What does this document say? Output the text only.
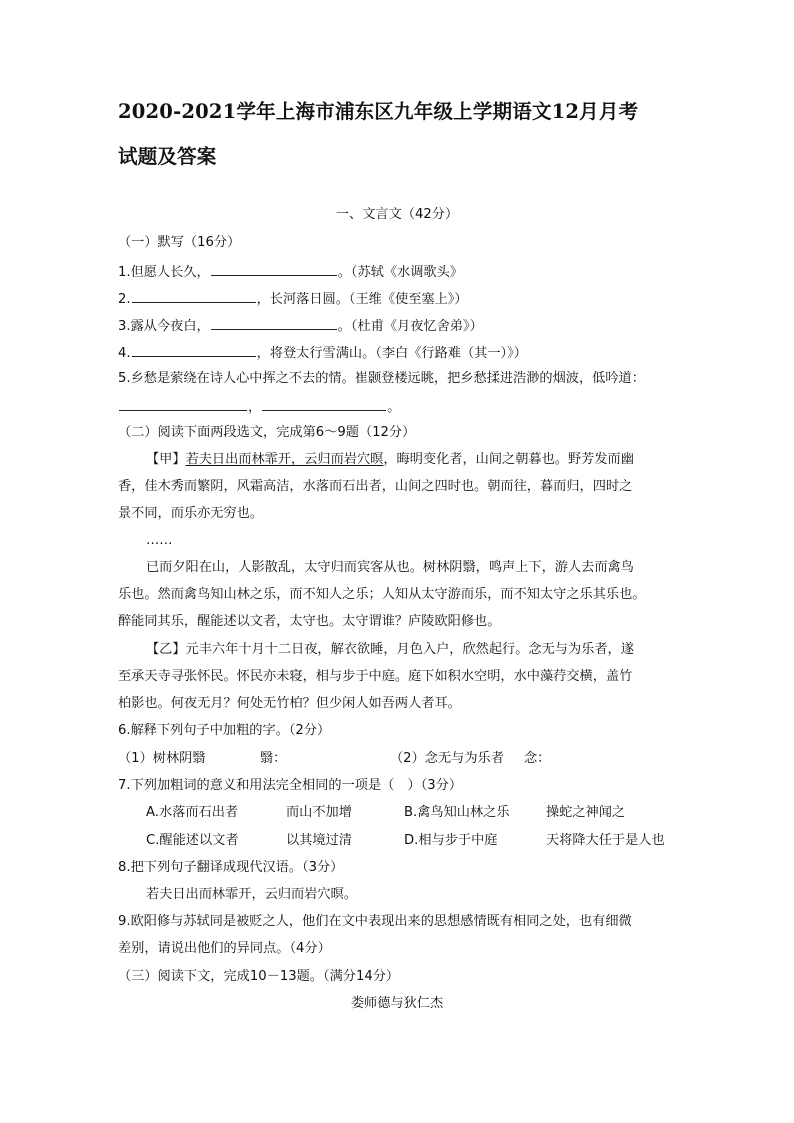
2020-2021学年上海市浦东区九年级上学期语文12月月考
试题及答案
一、文言文（42分）
（一）默写（16分）
1.但愿人长久，	。（苏轼《水调歌头》
2.	，长河落日圆。（王维《使至塞上》）
3.露从今夜白，	。（杜甫《月夜忆舍弟》）
4.	，将登太行雪满山。（李白《行路难（其一）》）
5.乡愁是萦绕在诗人心中挥之不去的情。崔颢登楼远眺，把乡愁揉进浩渺的烟波，低吟道：
，	。
（二）阅读下面两段选文，完成第6～9题（12分）
【甲】若夫日出而林霏开，云归而岩穴暝，晦明变化者，山间之朝暮也。野芳发而幽
香，佳木秀而繁阴，风霜高洁，水落而石出者，山间之四时也。朝而往，暮而归，四时之
景不同，而乐亦无穷也。
……
已而夕阳在山，人影散乱，太守归而宾客从也。树林阴翳，鸣声上下，游人去而禽鸟
乐也。然而禽鸟知山林之乐，而不知人之乐；人知从太守游而乐，而不知太守之乐其乐也。
醉能同其乐，醒能述以文者，太守也。太守谓谁？庐陵欧阳修也。
【乙】元丰六年十月十二日夜，解衣欲睡，月色入户，欣然起行。念无与为乐者，遂
至承天寺寻张怀民。怀民亦未寝，相与步于中庭。庭下如积水空明，水中藻荇交横，盖竹
柏影也。何夜无月？何处无竹柏？但少闲人如吾两人者耳。
6.解释下列句子中加粗的字。（2分）
（1）树林阴翳	翳：	（2）念无与为乐者 念：
7.下列加粗词的意义和用法完全相同的一项是（　）（3分）
A.水落而石出者	而山不加增	B.禽鸟知山林之乐	操蛇之神闻之
C.醒能述以文者	以其境过清	D.相与步于中庭	天将降大任于是人也
8.把下列句子翻译成现代汉语。（3分）
若夫日出而林霏开，云归而岩穴暝。
9.欧阳修与苏轼同是被贬之人，他们在文中表现出来的思想感情既有相同之处，也有细微
差别，请说出他们的异同点。（4分）
（三）阅读下文，完成10－13题。（满分14分）
娄师德与狄仁杰
